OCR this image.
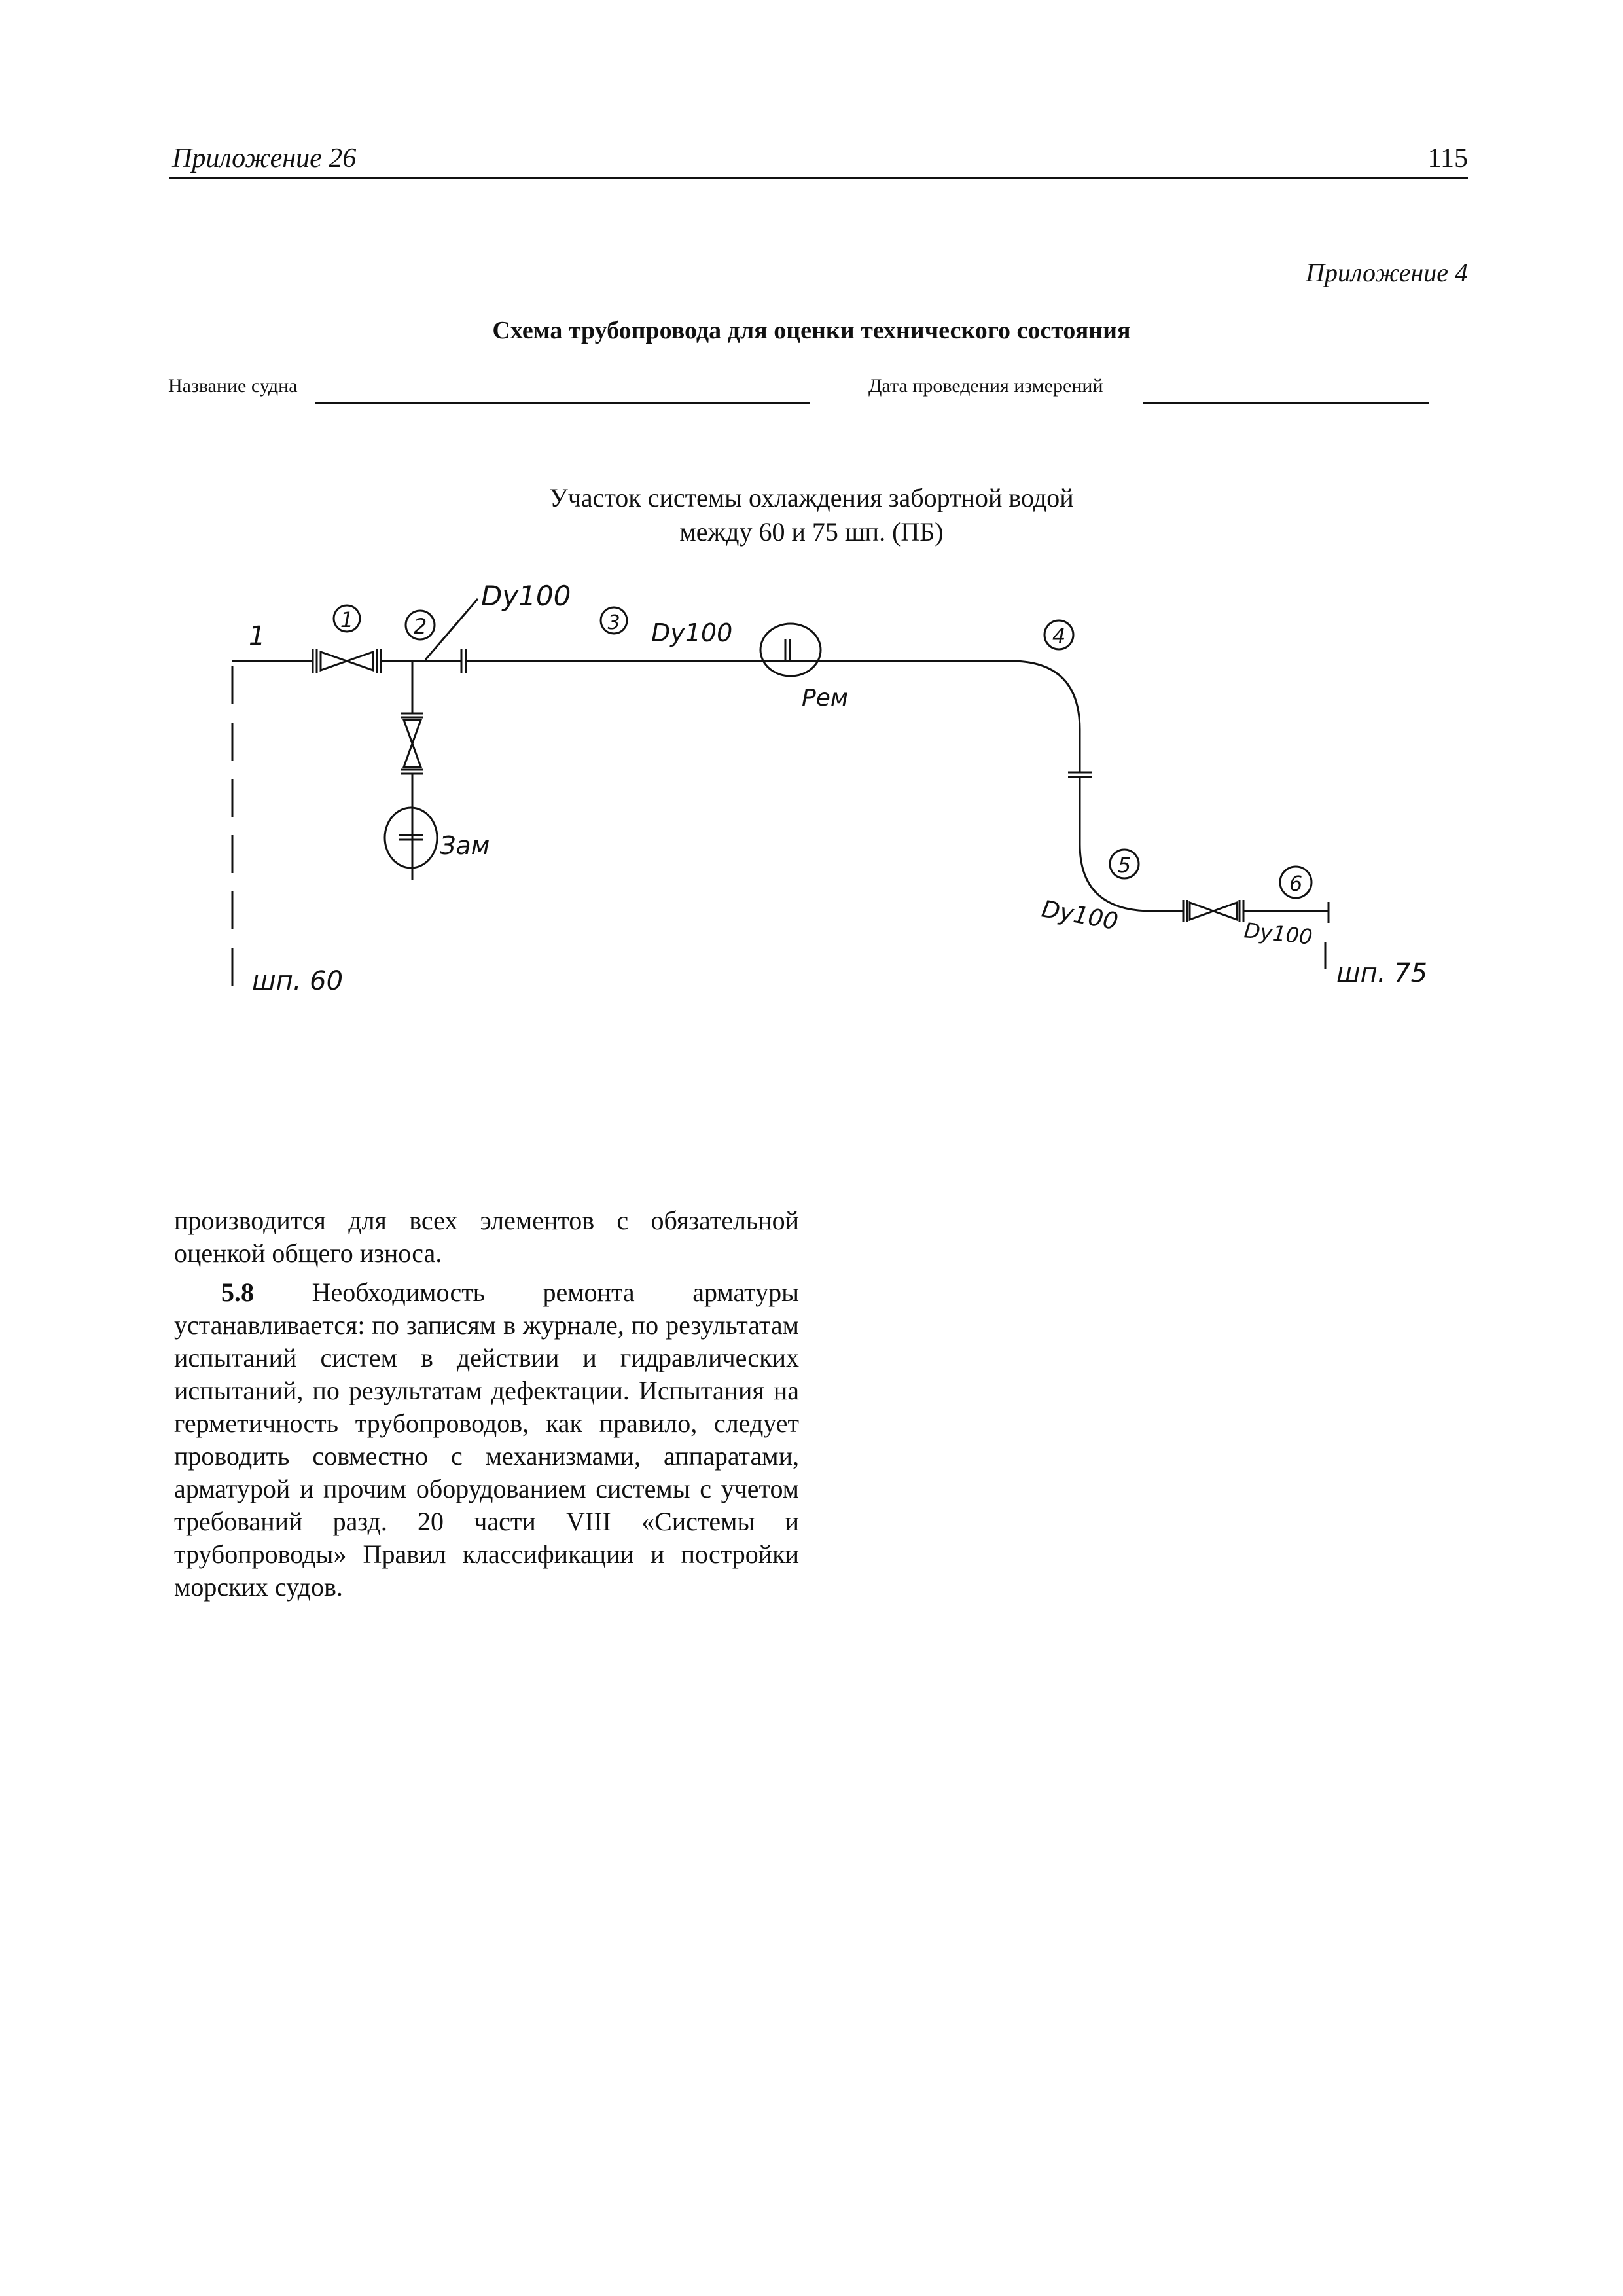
Приложение 26	115
Приложение 4
Схема трубопровода для оценки технического состояния
Название судна	Дата проведения измерений
Участок системы охлаждения забортной водой
между 60 и 75 шп. (ПБ)
1
1	2	3
4
5
6
Dy100
Dy100
Dy100	Dy100
Рем
Зам
шп. 60	шп. 75

производится для всех элементов с обязательной оценкой общего износа.

5.8 Необходимость ремонта арматуры устанавливается: по записям в журнале, по результатам испытаний систем в действии и гидравлических испытаний, по результатам дефектации. Испытания на герметичность трубопроводов, как правило, следует проводить совместно с механизмами, аппаратами, арматурой и прочим оборудованием системы с учетом требований разд. 20 части VIII «Системы и трубопроводы» Правил классификации и постройки морских судов.
